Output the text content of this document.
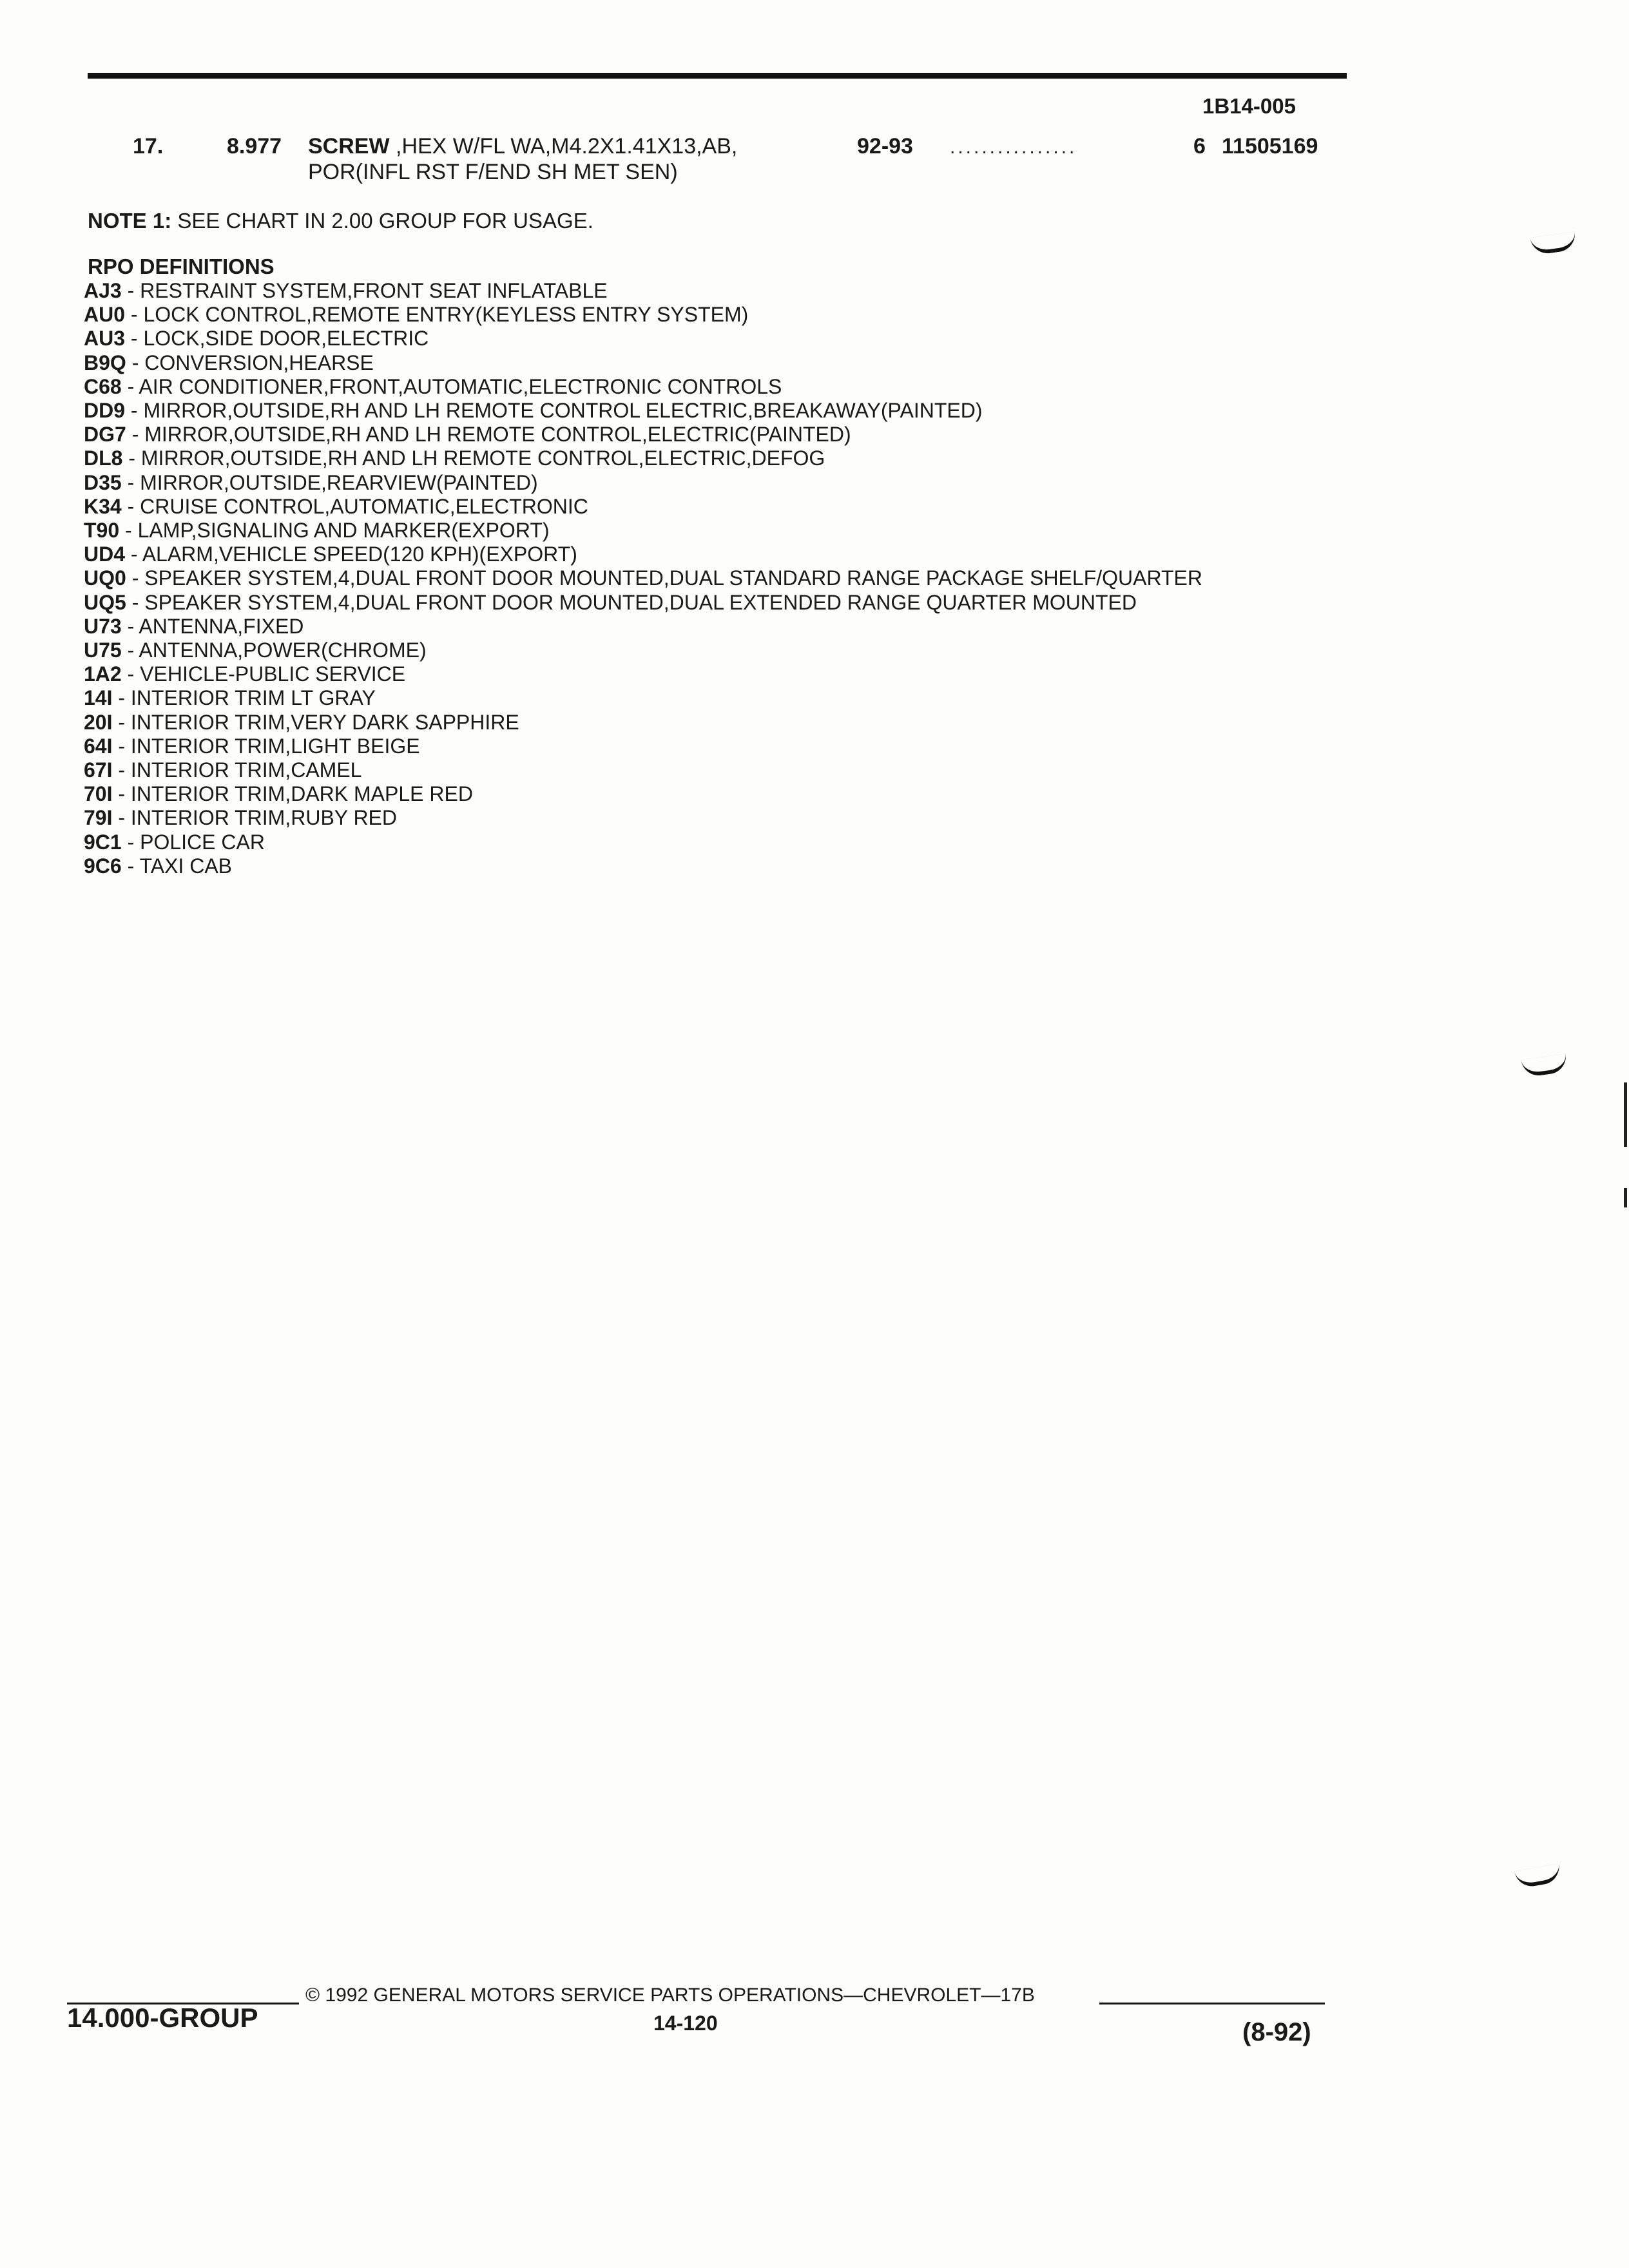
1B14-005
17.	8.977 SCREW ,HEX W/FL WA,M4.2X1.41X13,AB,
POR(INFL RST F/END SH MET SEN)
92-93 ................	6 11505169
NOTE 1: SEE CHART IN 2.00 GROUP FOR USAGE.
RPO DEFINITIONS
AJ3 - RESTRAINT SYSTEM,FRONT SEAT INFLATABLE
AU0 - LOCK CONTROL,REMOTE ENTRY(KEYLESS ENTRY SYSTEM)
AU3 - LOCK,SIDE DOOR,ELECTRIC
B9Q - CONVERSION,HEARSE
C68 - AIR CONDITIONER,FRONT,AUTOMATIC,ELECTRONIC CONTROLS
DD9 - MIRROR,OUTSIDE,RH AND LH REMOTE CONTROL ELECTRIC,BREAKAWAY(PAINTED)
DG7 - MIRROR,OUTSIDE,RH AND LH REMOTE CONTROL,ELECTRIC(PAINTED)
DL8 - MIRROR,OUTSIDE,RH AND LH REMOTE CONTROL,ELECTRIC,DEFOG
D35 - MIRROR,OUTSIDE,REARVIEW(PAINTED)
K34 - CRUISE CONTROL,AUTOMATIC,ELECTRONIC
T90 - LAMP,SIGNALING AND MARKER(EXPORT)
UD4 - ALARM,VEHICLE SPEED(120 KPH)(EXPORT)
UQ0 - SPEAKER SYSTEM,4,DUAL FRONT DOOR MOUNTED,DUAL STANDARD RANGE PACKAGE SHELF/QUARTER
UQ5 - SPEAKER SYSTEM,4,DUAL FRONT DOOR MOUNTED,DUAL EXTENDED RANGE QUARTER MOUNTED
U73 - ANTENNA,FIXED
U75 - ANTENNA,POWER(CHROME)
1A2 - VEHICLE-PUBLIC SERVICE
14I - INTERIOR TRIM LT GRAY
20I - INTERIOR TRIM,VERY DARK SAPPHIRE
64I - INTERIOR TRIM,LIGHT BEIGE
67I - INTERIOR TRIM,CAMEL
70I - INTERIOR TRIM,DARK MAPLE RED
79I - INTERIOR TRIM,RUBY RED
9C1 - POLICE CAR
9C6 - TAXI CAB
14.000-GROUP
© 1992 GENERAL MOTORS SERVICE PARTS OPERATIONS—CHEVROLET—17B
14-120	(8-92)
